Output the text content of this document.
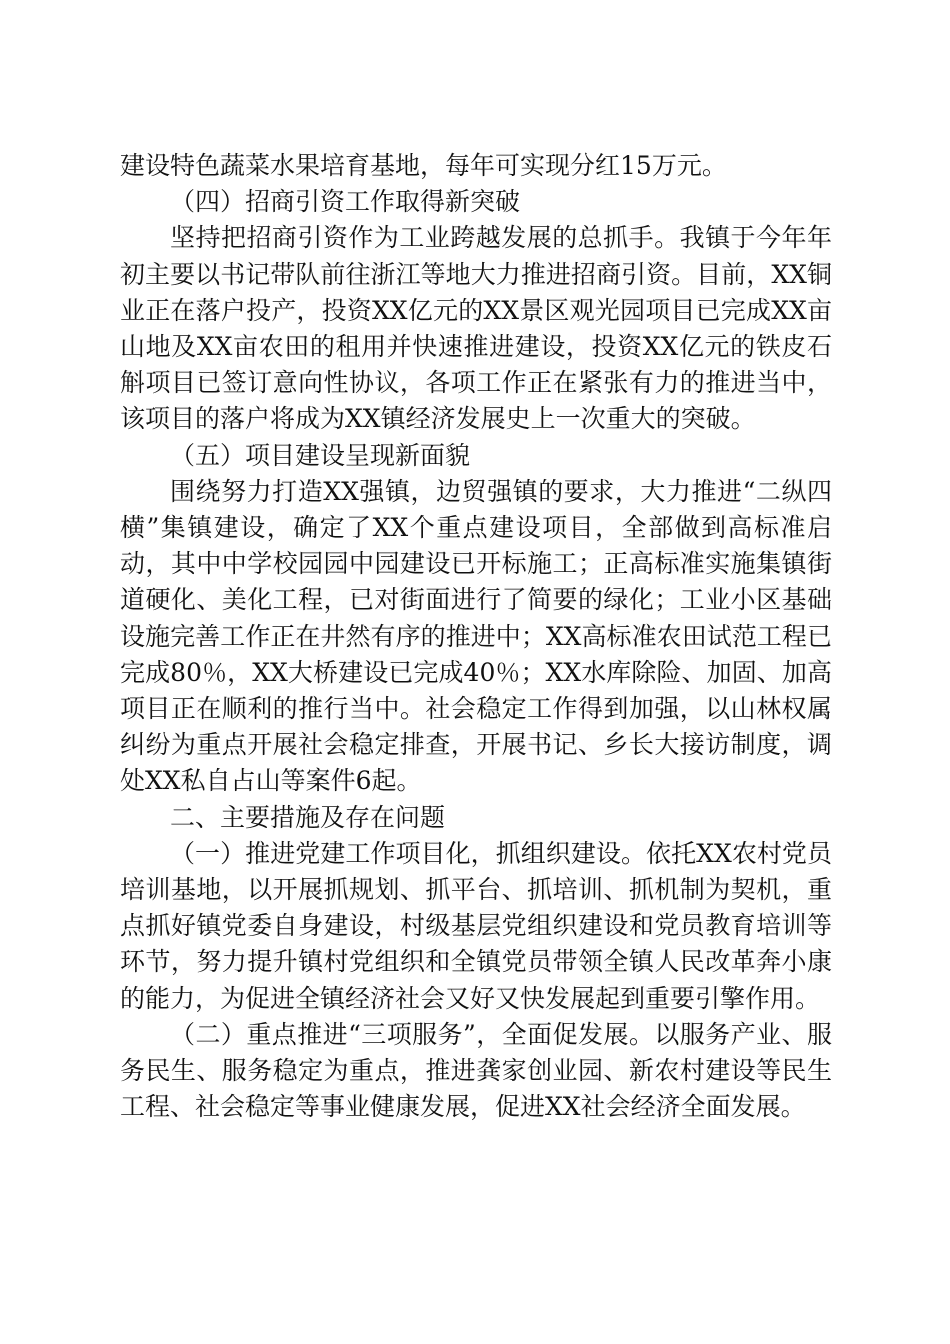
建设特色蔬菜水果培育基地，每年可实现分红15万元。

（四）招商引资工作取得新突破

坚持把招商引资作为工业跨越发展的总抓手。我镇于今年年初主要以书记带队前往浙江等地大力推进招商引资。目前，XX铜业正在落户投产，投资XX亿元的XX景区观光园项目已完成XX亩山地及XX亩农田的租用并快速推进建设，投资XX亿元的铁皮石斛项目已签订意向性协议，各项工作正在紧张有力的推进当中，该项目的落户将成为XX镇经济发展史上一次重大的突破。

（五）项目建设呈现新面貌

围绕努力打造XX强镇，边贸强镇的要求，大力推进“二纵四横”集镇建设，确定了XX个重点建设项目，全部做到高标准启动，其中中学校园园中园建设已开标施工；正高标准实施集镇街道硬化、美化工程，已对街面进行了简要的绿化；工业小区基础设施完善工作正在井然有序的推进中；XX高标准农田试范工程已完成80％，XX大桥建设已完成40％；XX水库除险、加固、加高项目正在顺利的推行当中。社会稳定工作得到加强，以山林权属纠纷为重点开展社会稳定排查，开展书记、乡长大接访制度，调处XX私自占山等案件6起。

二、主要措施及存在问题

（一）推进党建工作项目化，抓组织建设。依托XX农村党员培训基地，以开展抓规划、抓平台、抓培训、抓机制为契机，重点抓好镇党委自身建设，村级基层党组织建设和党员教育培训等环节，努力提升镇村党组织和全镇党员带领全镇人民改革奔小康的能力，为促进全镇经济社会又好又快发展起到重要引擎作用。

（二）重点推进“三项服务”，全面促发展。以服务产业、服务民生、服务稳定为重点，推进龚家创业园、新农村建设等民生工程、社会稳定等事业健康发展，促进XX社会经济全面发展。
